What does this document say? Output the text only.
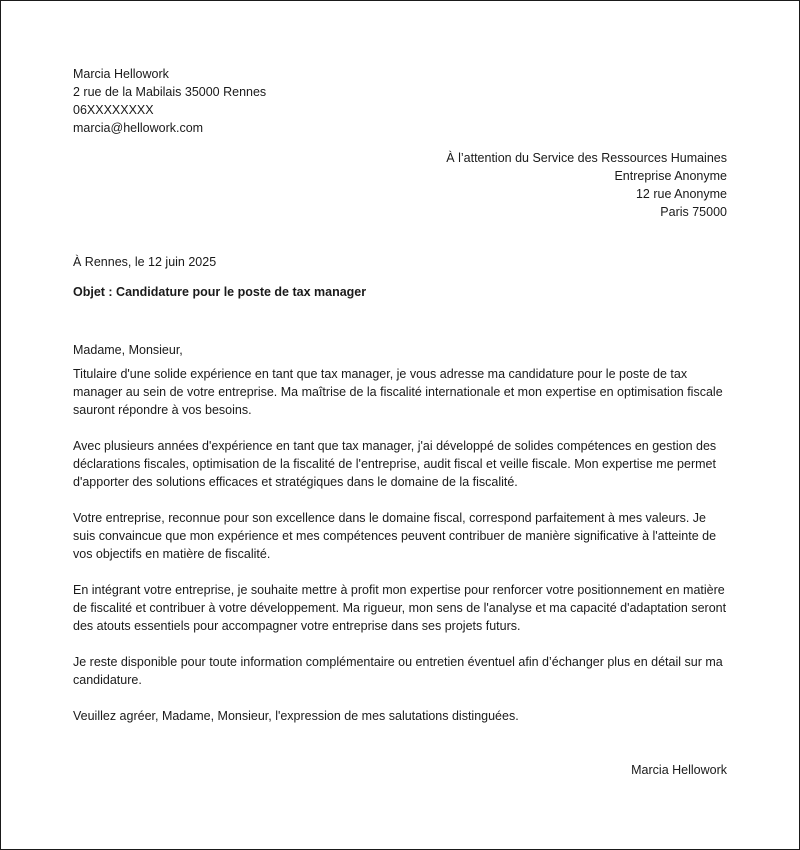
Marcia Hellowork
2 rue de la Mabilais 35000 Rennes
06XXXXXXXX
marcia@hellowork.com
À l’attention du Service des Ressources Humaines
Entreprise Anonyme
12 rue Anonyme
Paris 75000
À Rennes, le 12 juin 2025
Objet : Candidature pour le poste de tax manager
Madame, Monsieur,

Titulaire d'une solide expérience en tant que tax manager, je vous adresse ma candidature pour le poste de tax manager au sein de votre entreprise. Ma maîtrise de la fiscalité internationale et mon expertise en optimisation fiscale sauront répondre à vos besoins.

Avec plusieurs années d'expérience en tant que tax manager, j'ai développé de solides compétences en gestion des déclarations fiscales, optimisation de la fiscalité de l'entreprise, audit fiscal et veille fiscale. Mon expertise me permet d'apporter des solutions efficaces et stratégiques dans le domaine de la fiscalité.

Votre entreprise, reconnue pour son excellence dans le domaine fiscal, correspond parfaitement à mes valeurs. Je suis convaincue que mon expérience et mes compétences peuvent contribuer de manière significative à l'atteinte de vos objectifs en matière de fiscalité.

En intégrant votre entreprise, je souhaite mettre à profit mon expertise pour renforcer votre positionnement en matière de fiscalité et contribuer à votre développement. Ma rigueur, mon sens de l'analyse et ma capacité d'adaptation seront des atouts essentiels pour accompagner votre entreprise dans ses projets futurs.

Je reste disponible pour toute information complémentaire ou entretien éventuel afin d’échanger plus en détail sur ma candidature.

Veuillez agréer, Madame, Monsieur, l'expression de mes salutations distinguées.
Marcia Hellowork
